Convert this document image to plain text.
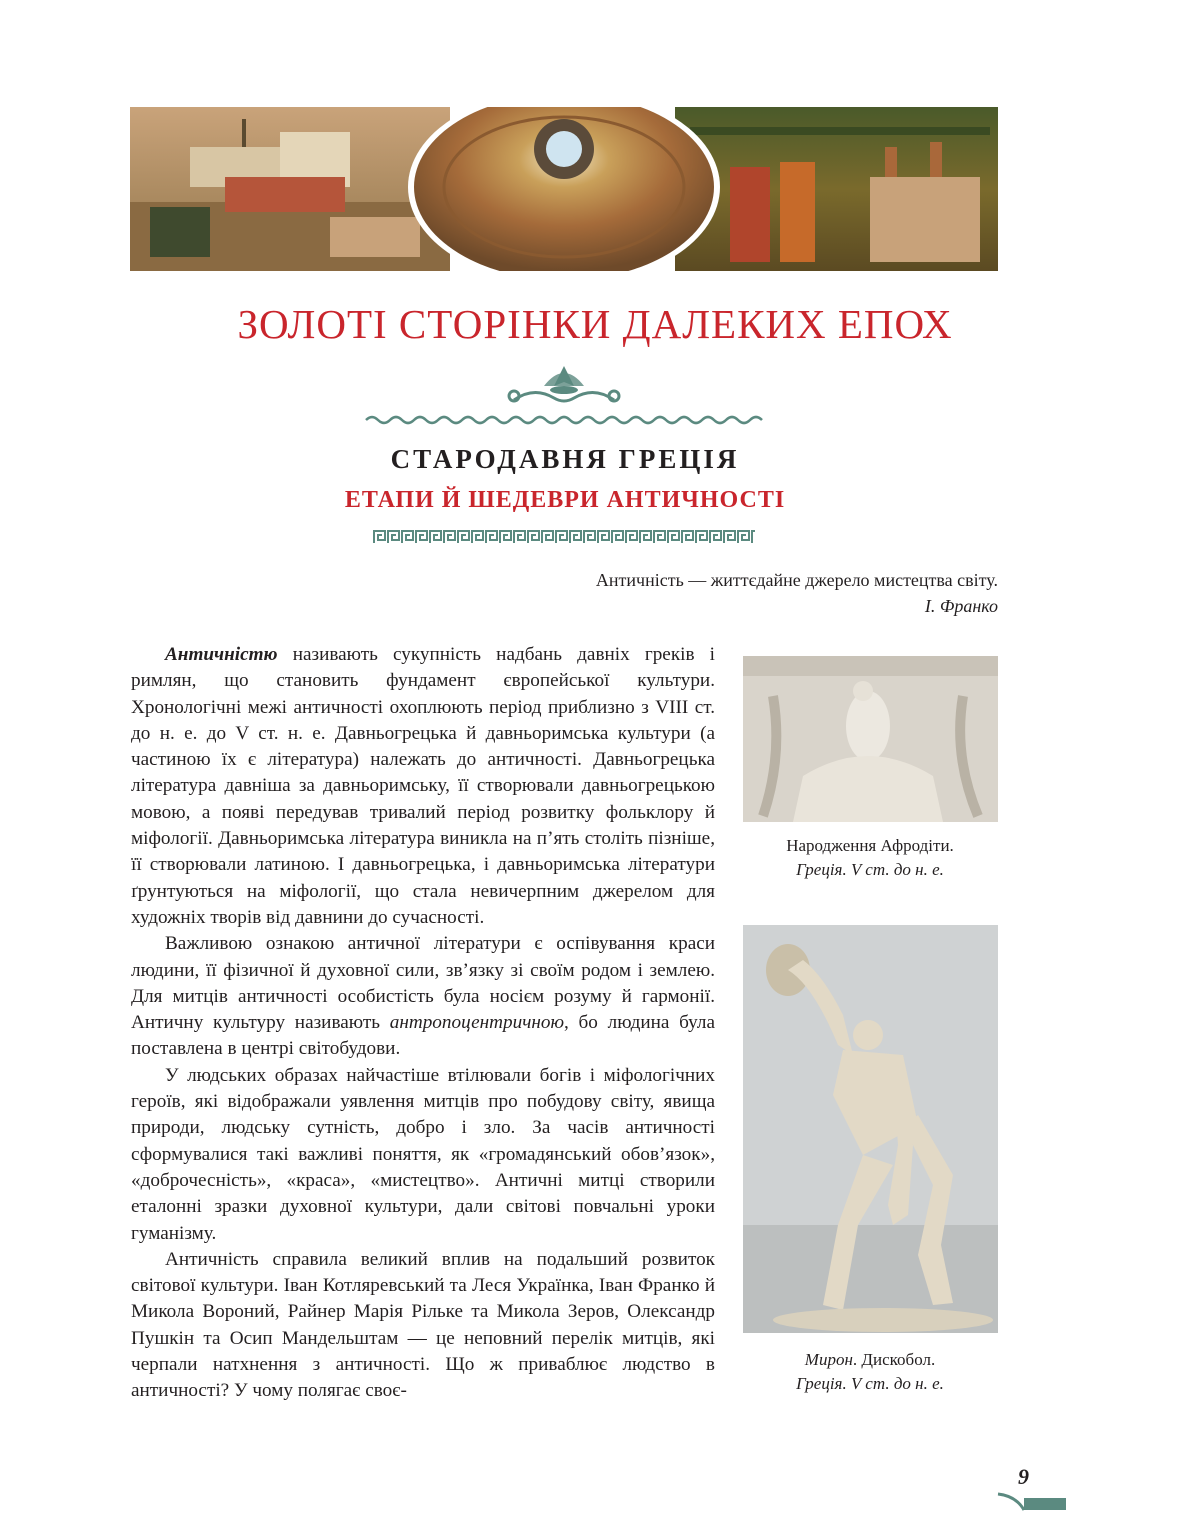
ЗОЛОТІ СТОРІНКИ ДАЛЕКИХ ЕПОХ
СТАРОДАВНЯ ГРЕЦІЯ
ЕТАПИ Й ШЕДЕВРИ АНТИЧНОСТІ
Античність — життєдайне джерело мистецтва світу.
І. Франко

Античністю називають сукупність надбань давніх греків і римлян, що становить фундамент європейської культури. Хронологічні межі античності охоплюють період приблизно з VIII ст. до н. е. до V ст. н. е. Давньогрецька й давньоримська культури (а частиною їх є література) належать до античності. Давньогрецька література давніша за давньоримську, її створювали давньогрецькою мовою, а появі передував тривалий період розвитку фольклору й міфології. Давньоримська література виникла на п’ять століть пізніше, її створювали латиною. І давньогрецька, і давньоримська літератури ґрунтуються на міфології, що стала невичерпним джерелом для художніх творів від давнини до сучасності.

Важливою ознакою античної літератури є оспівування краси людини, її фізичної й духовної сили, зв’язку зі своїм родом і землею. Для митців античності особистість була носієм розуму й гармонії. Античну культуру називають антропоцентричною, бо людина була поставлена в центрі світобудови.

У людських образах найчастіше втілювали богів і міфологічних героїв, які відображали уявлення митців про побудову світу, явища природи, людську сутність, добро і зло. За часів античності сформувалися такі важливі поняття, як «громадянський обов’язок», «доброчесність», «краса», «мистецтво». Античні митці створили еталонні зразки духовної культури, дали світові повчальні уроки гуманізму.

Античність справила великий вплив на подальший розвиток світової культури. Іван Котляревський та Леся Українка, Іван Франко й Микола Вороний, Райнер Марія Рільке та Микола Зеров, Олександр Пушкін та Осип Мандельштам — це неповний перелік митців, які черпали натхнення з античності. Що ж приваблює людство в античності? У чому полягає своє-

Народження Афродіти.
Греція. V ст. до н. е.
Мирон. Дискобол.
Греція. V ст. до н. е.
9
